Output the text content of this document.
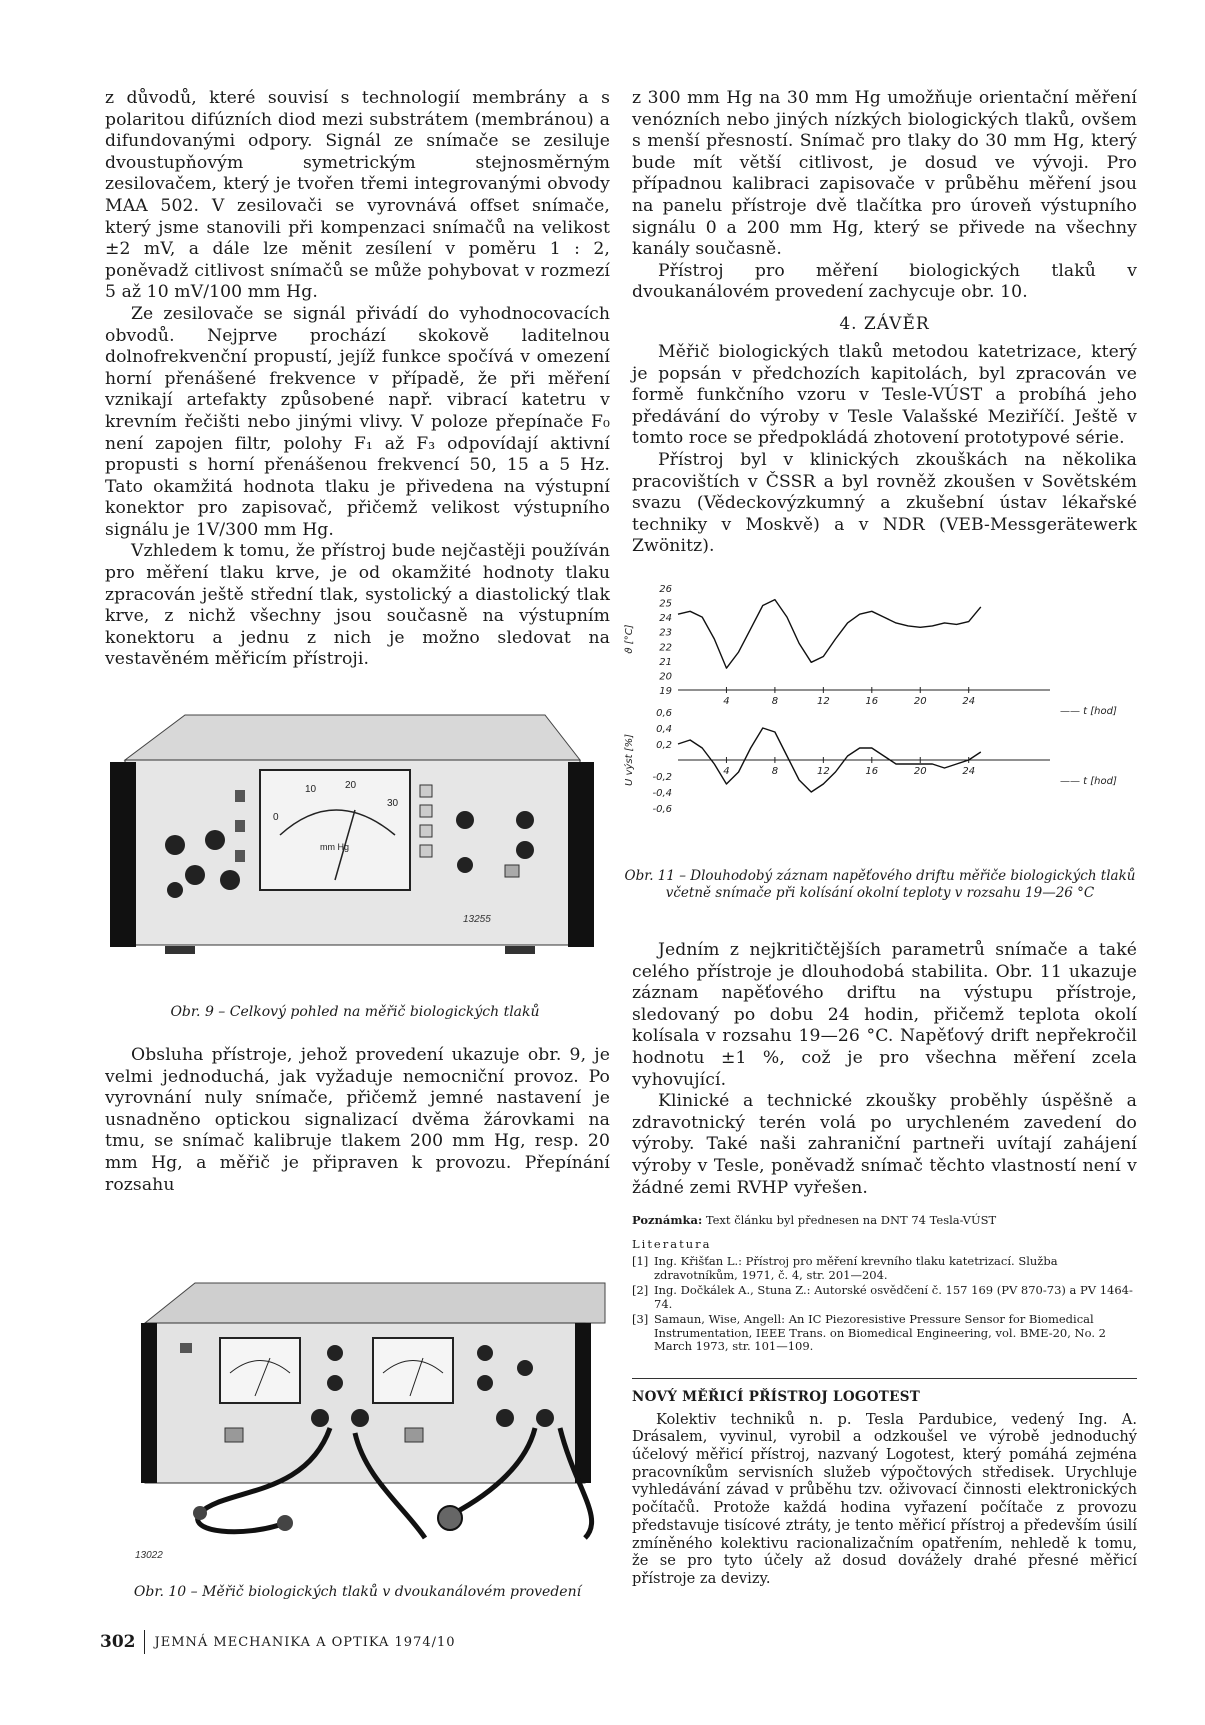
z důvodů, které souvisí s technologií membrány a s polaritou difúzních diod mezi substrátem (membránou) a difundovanými odpory. Signál ze snímače se zesiluje dvoustupňovým symetrickým stejnosměrným zesilovačem, který je tvořen třemi integrovanými obvody MAA 502. V zesilovači se vyrovnává offset snímače, který jsme stanovili při kompenzaci snímačů na velikost ±2 mV, a dále lze měnit zesílení v poměru 1 : 2, poněvadž citlivost snímačů se může pohybovat v rozmezí 5 až 10 mV/100 mm Hg.

Ze zesilovače se signál přivádí do vyhodnocovacích obvodů. Nejprve prochází skokově laditelnou dolnofrekvenční propustí, jejíž funkce spočívá v omezení horní přenášené frekvence v případě, že při měření vznikají artefakty způsobené např. vibrací katetru v krevním řečišti nebo jinými vlivy. V poloze přepínače F₀ není zapojen filtr, polohy F₁ až F₃ odpovídají aktivní propusti s horní přenášenou frekvencí 50, 15 a 5 Hz. Tato okamžitá hodnota tlaku je přivedena na výstupní konektor pro zapisovač, přičemž velikost výstupního signálu je 1V/300 mm Hg.

Vzhledem k tomu, že přístroj bude nejčastěji používán pro měření tlaku krve, je od okamžité hodnoty tlaku zpracován ještě střední tlak, systolický a diastolický tlak krve, z nichž všechny jsou současně na výstupním konektoru a jednu z nich je možno sledovat na vestavěném měřicím přístroji.

0
10	20
30
mm Hg
13255
Obr. 9 – Celkový pohled na měřič biologických tlaků

Obsluha přístroje, jehož provedení ukazuje obr. 9, je velmi jednoduchá, jak vyžaduje nemocniční provoz. Po vyrovnání nuly snímače, přičemž jemné nastavení je usnadněno optickou signalizací dvěma žárovkami na tmu, se snímač kalibruje tlakem 200 mm Hg, resp. 20 mm Hg, a měřič je připraven k provozu. Přepínání rozsahu

13022
Obr. 10 – Měřič biologických tlaků v dvoukanálovém provedení

z 300 mm Hg na 30 mm Hg umožňuje orientační měření venózních nebo jiných nízkých biologických tlaků, ovšem s menší přesností. Snímač pro tlaky do 30 mm Hg, který bude mít větší citlivost, je dosud ve vývoji. Pro případnou kalibraci zapisovače v průběhu měření jsou na panelu přístroje dvě tlačítka pro úroveň výstupního signálu 0 a 200 mm Hg, který se přivede na všechny kanály současně.

Přístroj pro měření biologických tlaků v dvoukanálovém provedení zachycuje obr. 10.

4. ZÁVĚR

Měřič biologických tlaků metodou katetrizace, který je popsán v předchozích kapitolách, byl zpracován ve formě funkčního vzoru v Tesle-VÚST a probíhá jeho předávání do výroby v Tesle Valašské Meziříčí. Ještě v tomto roce se předpokládá zhotovení prototypové série.

Přístroj byl v klinických zkouškách na několika pracovištích v ČSSR a byl rovněž zkoušen v Sovětském svazu (Vědeckovýzkumný a zkušební ústav lékařské techniky v Moskvě) a v NDR (VEB-Messgerätewerk Zwönitz).

26
25
24
23
22
21
20
19
4	8	12	16	20	24
—— t [hod]
ϑ [°C]
0,6
0,4
0,2
-0,2
-0,4
-0,6
4	8	12	16	20	24
—— t [hod]
U výst [%]
Obr. 11 – Dlouhodobý záznam napěťového driftu měřiče biologických tlaků včetně snímače při kolísání okolní teploty v rozsahu 19—26 °C

Jedním z nejkritičtějších parametrů snímače a také celého přístroje je dlouhodobá stabilita. Obr. 11 ukazuje záznam napěťového driftu na výstupu přístroje, sledovaný po dobu 24 hodin, přičemž teplota okolí kolísala v rozsahu 19—26 °C. Napěťový drift nepřekročil hodnotu ±1 %, což je pro všechna měření zcela vyhovující.

Klinické a technické zkoušky proběhly úspěšně a zdravotnický terén volá po urychleném zavedení do výroby. Také naši zahraniční partneři uvítají zahájení výroby v Tesle, poněvadž snímač těchto vlastností není v žádné zemi RVHP vyřešen.

Poznámka: Text článku byl přednesen na DNT 74 Tesla-VÚST
Literatura
[1] Ing. Křišťan L.: Přístroj pro měření krevního tlaku katetrizací. Služba zdravotníkům, 1971, č. 4, str. 201—204.
[2] Ing. Dočkálek A., Stuna Z.: Autorské osvědčení č. 157 169 (PV 870-73) a PV 1464-74.
[3] Samaun, Wise, Angell: An IC Piezoresistive Pressure Sensor for Biomedical Instrumentation, IEEE Trans. on Biomedical Engineering, vol. BME-20, No. 2 March 1973, str. 101—109.
NOVÝ MĚŘICÍ PŘÍSTROJ LOGOTEST

Kolektiv techniků n. p. Tesla Pardubice, vedený Ing. A. Drásalem, vyvinul, vyrobil a odzkoušel ve výrobě jednoduchý účelový měřicí přístroj, nazvaný Logotest, který pomáhá zejména pracovníkům servisních služeb výpočtových středisek. Urychluje vyhledávání závad v průběhu tzv. oživovací činnosti elektronických počítačů. Protože každá hodina vyřazení počítače z provozu představuje tisícové ztráty, je tento měřicí přístroj a především úsilí zmíněného kolektivu racionalizačním opatřením, nehledě k tomu, že se pro tyto účely až dosud dovážely drahé přesné měřicí přístroje za devizy.

302 JEMNÁ MECHANIKA A OPTIKA 1974/10
